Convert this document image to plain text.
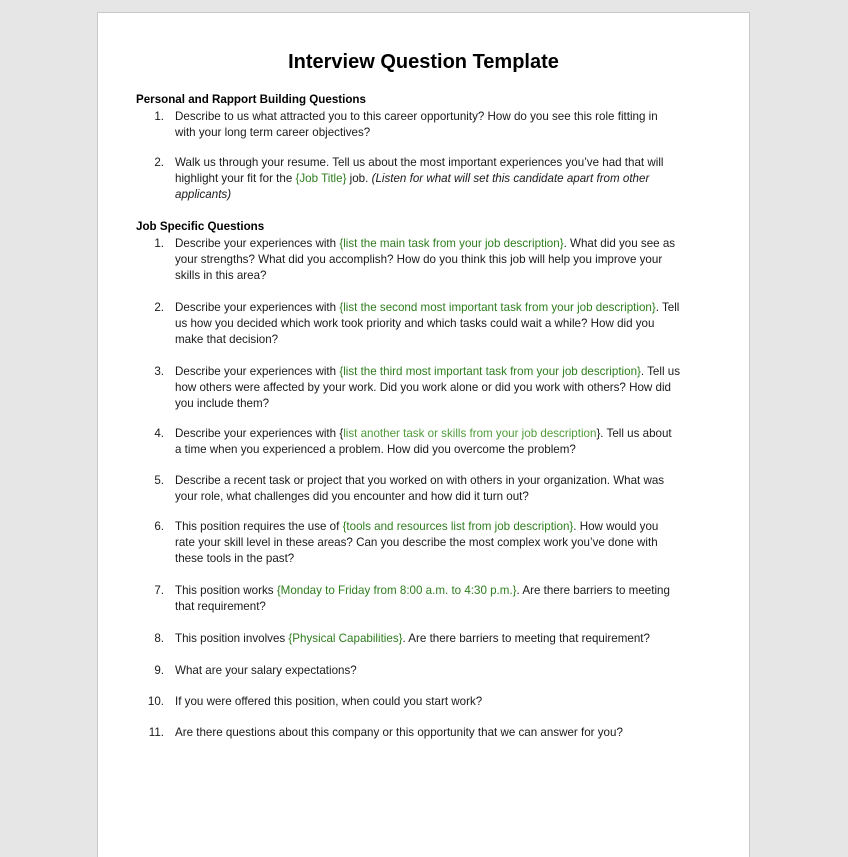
Interview Question Template
Personal and Rapport Building Questions
1. Describe to us what attracted you to this career opportunity? How do you see this role fitting in with your long term career objectives?
2. Walk us through your resume. Tell us about the most important experiences you’ve had that will highlight your fit for the {Job Title} job. (Listen for what will set this candidate apart from other applicants)
Job Specific Questions
1. Describe your experiences with {list the main task from your job description}. What did you see as your strengths? What did you accomplish? How do you think this job will help you improve your skills in this area?
2. Describe your experiences with {list the second most important task from your job description}. Tell us how you decided which work took priority and which tasks could wait a while? How did you make that decision?
3. Describe your experiences with {list the third most important task from your job description}. Tell us how others were affected by your work. Did you work alone or did you work with others? How did you include them?
4. Describe your experiences with {list another task or skills from your job description}. Tell us about a time when you experienced a problem. How did you overcome the problem?
5. Describe a recent task or project that you worked on with others in your organization. What was your role, what challenges did you encounter and how did it turn out?
6. This position requires the use of {tools and resources list from job description}. How would you rate your skill level in these areas? Can you describe the most complex work you’ve done with these tools in the past?
7. This position works {Monday to Friday from 8:00 a.m. to 4:30 p.m.}. Are there barriers to meeting that requirement?
8. This position involves {Physical Capabilities}. Are there barriers to meeting that requirement?
9. What are your salary expectations?
10. If you were offered this position, when could you start work?
11. Are there questions about this company or this opportunity that we can answer for you?
